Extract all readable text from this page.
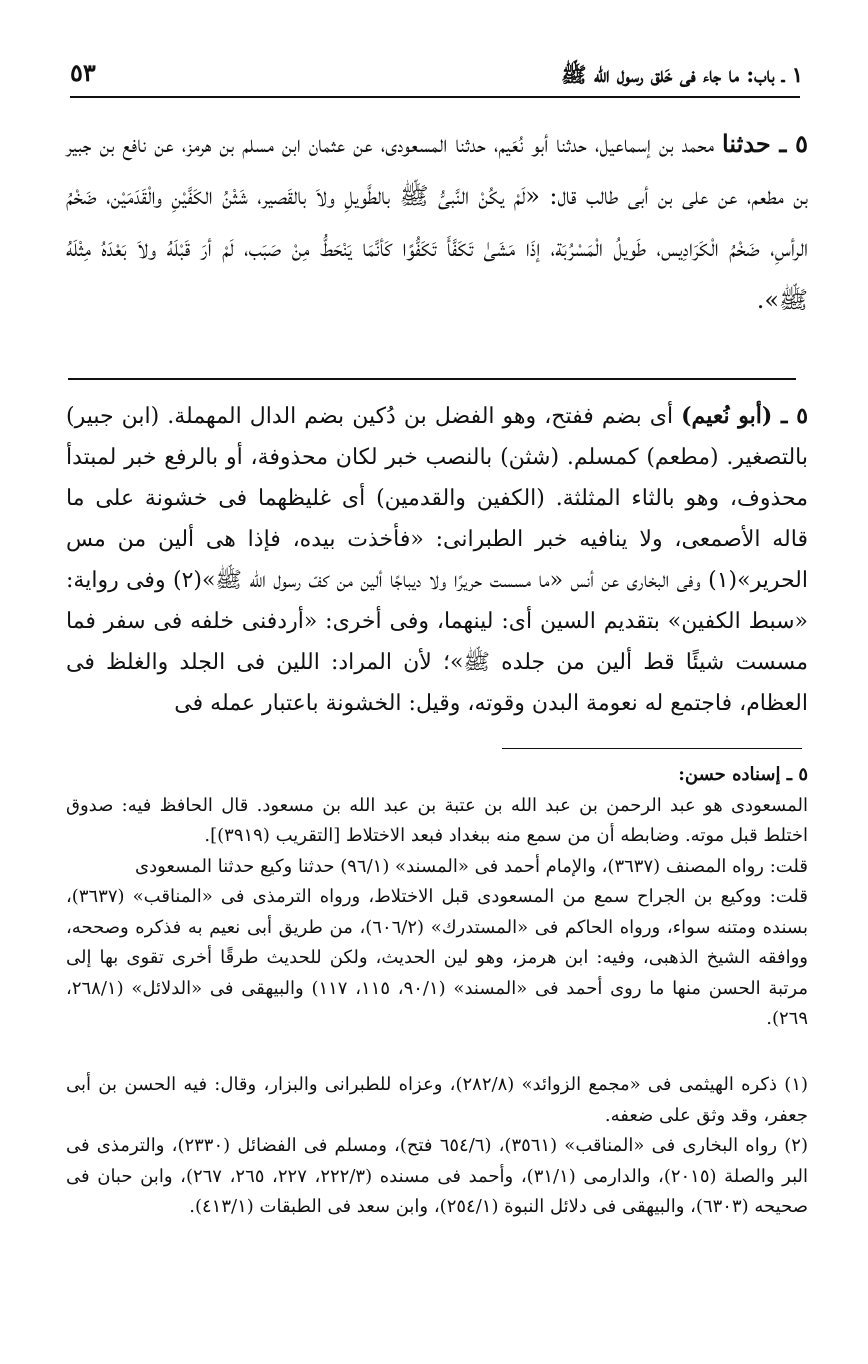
١ ـ باب: ما جاء فى خَلق رسول الله ﷺ
٥٣
٥ ـ حدثنا محمد بن إسماعيل، حدثنا أبو نُعَيم، حدثنا المسعودى، عن عثمان ابن مسلم بن هرمز، عن نافع بن جبير بن مطعم، عن على بن أبى طالب قال: «لَمْ يكُنْ النَّبىُّ ﷺ بالطَّويلِ ولاَ بالقَصير، شَثْنُ الكَفَّيْنِ والْقَدَمَيْن، ضَخْمُ الرأسِ، ضَخْمُ الْكَرَادِيس، طَويلُ الْمَسْرُبَة، إذَا مَشَىٰ تَكَفَّأَ تَكَفُّوًا كَأنَّمَا يَنْحَطُّ مِنْ صَبَب، لَمْ أرَ قَبْلَهُ ولاَ بَعْدَهُ مِثْلَهُ ﷺ».
٥ ـ (أبو نُعيم) أى بضم ففتح، وهو الفضل بن دُكين بضم الدال المهملة. (ابن جبير) بالتصغير. (مطعم) كمسلم. (شثن) بالنصب خبر لكان محذوفة، أو بالرفع خبر لمبتدأ محذوف، وهو بالثاء المثلثة. (الكفين والقدمين) أى غليظهما فى خشونة على ما قاله الأصمعى، ولا ينافيه خبر الطبرانى: «فأخذت بيده، فإذا هى ألين من مس الحرير»(١) وفى البخارى عن أنس «ما مسست حريرًا ولا ديباجًا ألين من كفّ رسول الله ﷺ»(٢) وفى رواية: «سبط الكفين» بتقديم السين أى: لينهما، وفى أخرى: «أردفنى خلفه فى سفر فما مسست شيئًا قط ألين من جلده ﷺ»؛ لأن المراد: اللين فى الجلد والغلظ فى العظام، فاجتمع له نعومة البدن وقوته، وقيل: الخشونة باعتبار عمله فى

٥ ـ إسناده حسن:

المسعودى هو عبد الرحمن بن عبد الله بن عتبة بن عبد الله بن مسعود. قال الحافظ فيه: صدوق اختلط قبل موته. وضابطه أن من سمع منه ببغداد فبعد الاختلاط [التقريب (٣٩١٩)].

قلت: رواه المصنف (٣٦٣٧)، والإمام أحمد فى «المسند» (٩٦/١) حدثنا وكيع حدثنا المسعودى

قلت: ووكيع بن الجراح سمع من المسعودى قبل الاختلاط، ورواه الترمذى فى «المناقب» (٣٦٣٧)، بسنده ومتنه سواء، ورواه الحاكم فى «المستدرك» (٦٠٦/٢)، من طريق أبى نعيم به فذكره وصححه، ووافقه الشيخ الذهبى، وفيه: ابن هرمز، وهو لين الحديث، ولكن للحديث طرقًا أخرى تقوى بها إلى مرتبة الحسن منها ما روى أحمد فى «المسند» (٩٠/١، ١١٥، ١١٧) والبيهقى فى «الدلائل» (٢٦٨/١، ٢٦٩).

(١) ذكره الهيثمى فى «مجمع الزوائد» (٢٨٢/٨)، وعزاه للطبرانى والبزار، وقال: فيه الحسن بن أبى جعفر، وقد وثق على ضعفه.

(٢) رواه البخارى فى «المناقب» (٣٥٦١)، (٦٥٤/٦ فتح)، ومسلم فى الفضائل (٢٣٣٠)، والترمذى فى البر والصلة (٢٠١٥)، والدارمى (٣١/١)، وأحمد فى مسنده (٢٢٢/٣، ٢٢٧، ٢٦٥، ٢٦٧)، وابن حبان فى صحيحه (٦٣٠٣)، والبيهقى فى دلائل النبوة (٢٥٤/١)، وابن سعد فى الطبقات (٤١٣/١).
